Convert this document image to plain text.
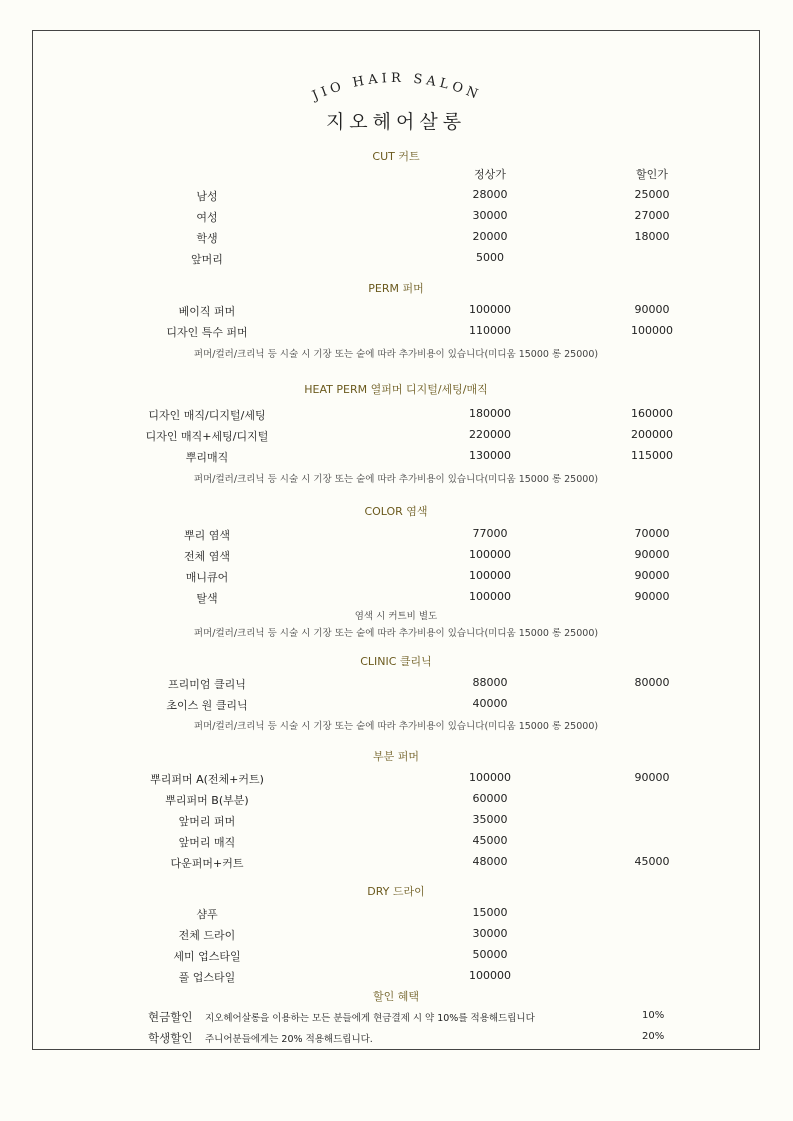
JIO HAIR SALON
지오헤어살롱
CUT 커트
정상가	할인가
남성	28000	25000
여성	30000	27000
학생	20000	18000
앞머리	5000
PERM 퍼머
베이직 퍼머	100000	90000
디자인 특수 퍼머	110000	100000
퍼머/컬러/크리닉 등 시술 시 기장 또는 숱에 따라 추가비용이 있습니다(미디움 15000 롱 25000)
HEAT PERM 열퍼머 디지털/세팅/매직
디자인 매직/디지털/세팅	180000	160000
디자인 매직+세팅/디지털	220000	200000
뿌리매직	130000	115000
퍼머/컬러/크리닉 등 시술 시 기장 또는 숱에 따라 추가비용이 있습니다(미디움 15000 롱 25000)
COLOR 염색
뿌리 염색	77000	70000
전체 염색	100000	90000
매니큐어	100000	90000
탈색	100000	90000
염색 시 커트비 별도
퍼머/컬러/크리닉 등 시술 시 기장 또는 숱에 따라 추가비용이 있습니다(미디움 15000 롱 25000)
CLINIC 클리닉
프리미엄 클리닉	88000	80000
초이스 원 클리닉	40000
퍼머/컬러/크리닉 등 시술 시 기장 또는 숱에 따라 추가비용이 있습니다(미디움 15000 롱 25000)
부분 퍼머
뿌리퍼머 A(전체+커트)	100000	90000
뿌리퍼머 B(부분)	60000
앞머리 퍼머	35000
앞머리 매직	45000
다운퍼머+커트	48000	45000
DRY 드라이
샴푸	15000
전체 드라이	30000
세미 업스타일	50000
풀 업스타일	100000
할인 혜택
현금할인 지오헤어살롱을 이용하는 모든 분들에게 현금결제 시 약 10%를 적용해드립니다	10%
학생할인 주니어분들에게는 20% 적용해드립니다.	20%
